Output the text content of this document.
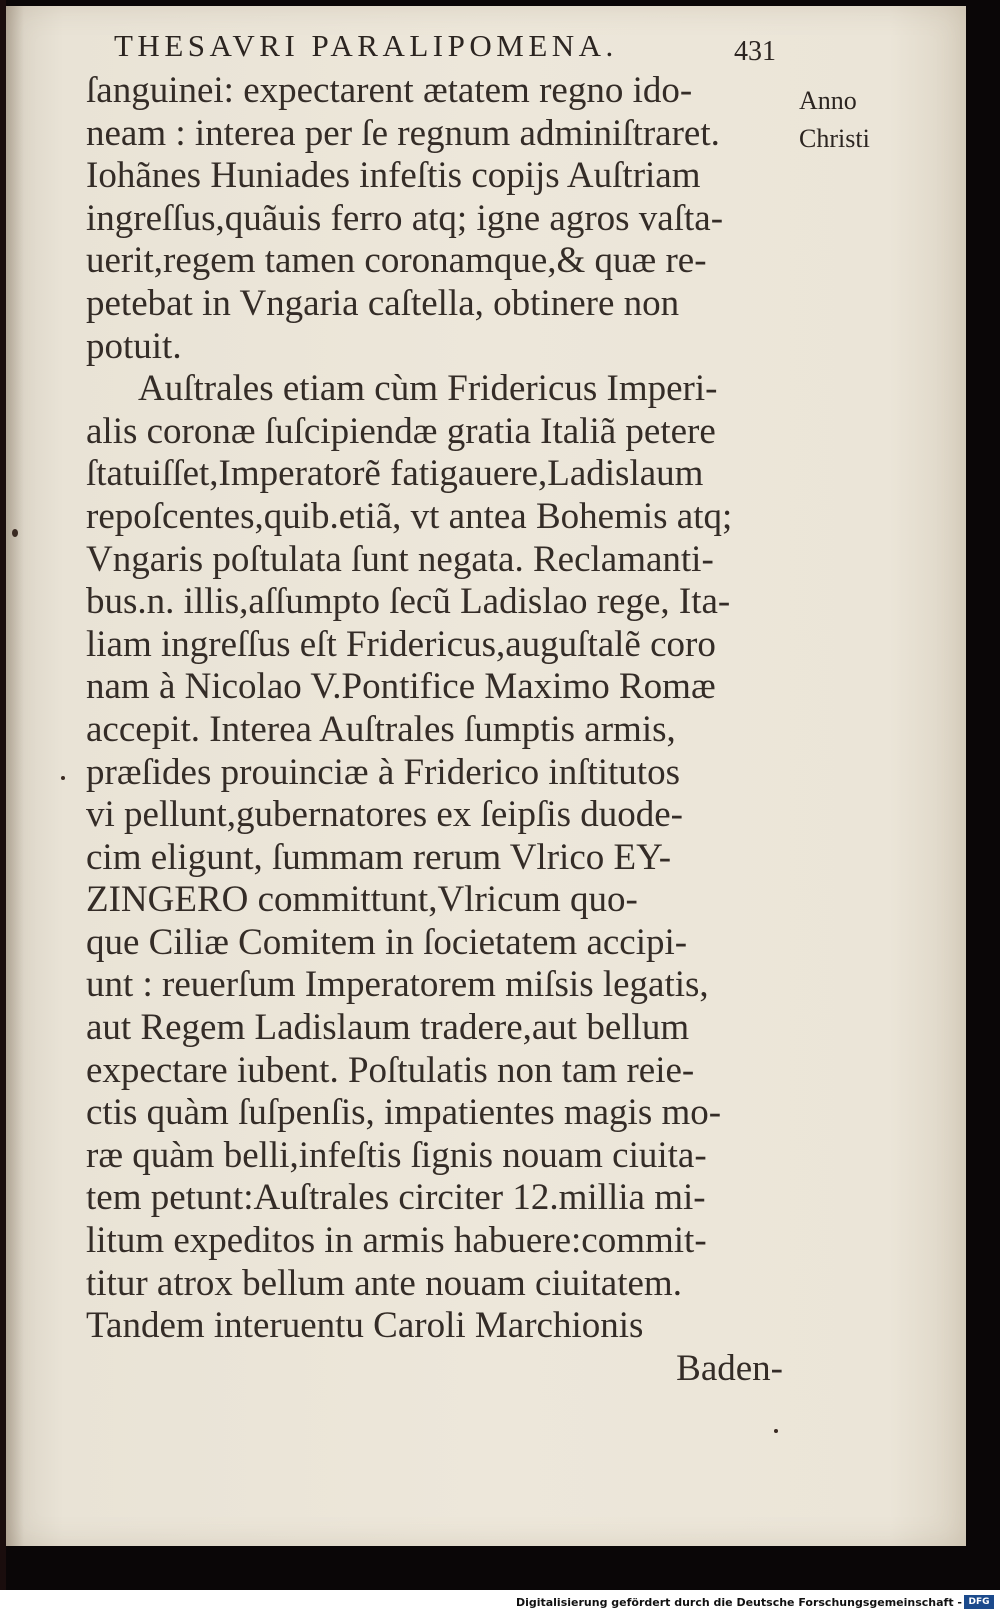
THESAVRI PARALIPOMENA.	431
Anno
Christi
ſanguinei: expectarent ætatem regno ido-
neam : interea per ſe regnum adminiſtraret.
Iohãnes Huniades infeſtis copijs Auſtriam
ingreſſus,quãuis ferro atq; igne agros vaſta-
uerit,regem tamen coronamque,& quæ re-
petebat in Vngaria caſtella, obtinere non
potuit.
Auſtrales etiam cùm Fridericus Imperi-
alis coronæ ſuſcipiendæ gratia Italiã petere
ſtatuiſſet,Imperatorẽ fatigauere,Ladislaum
repoſcentes,quib.etiã, vt antea Bohemis atq;
Vngaris poſtulata ſunt negata. Reclamanti-
bus.n. illis,aſſumpto ſecũ Ladislao rege, Ita-
liam ingreſſus eſt Fridericus,auguſtalẽ coro
nam à Nicolao V.Pontifice Maximo Romæ
accepit. Interea Auſtrales ſumptis armis,
præſides prouinciæ à Friderico inſtitutos
vi pellunt,gubernatores ex ſeipſis duode-
cim eligunt, ſummam rerum Vlrico EY-
ZINGERO committunt,Vlricum quo-
que Ciliæ Comitem in ſocietatem accipi-
unt : reuerſum Imperatorem miſsis legatis,
aut Regem Ladislaum tradere,aut bellum
expectare iubent. Poſtulatis non tam reie-
ctis quàm ſuſpenſis, impatientes magis mo-
ræ quàm belli,infeſtis ſignis nouam ciuita-
tem petunt:Auſtrales circiter 12.millia mi-
litum expeditos in armis habuere:commit-
titur atrox bellum ante nouam ciuitatem.
Tandem interuentu Caroli Marchionis
Baden-
Digitalisierung gefördert durch die Deutsche Forschungsgemeinschaft - DFG
